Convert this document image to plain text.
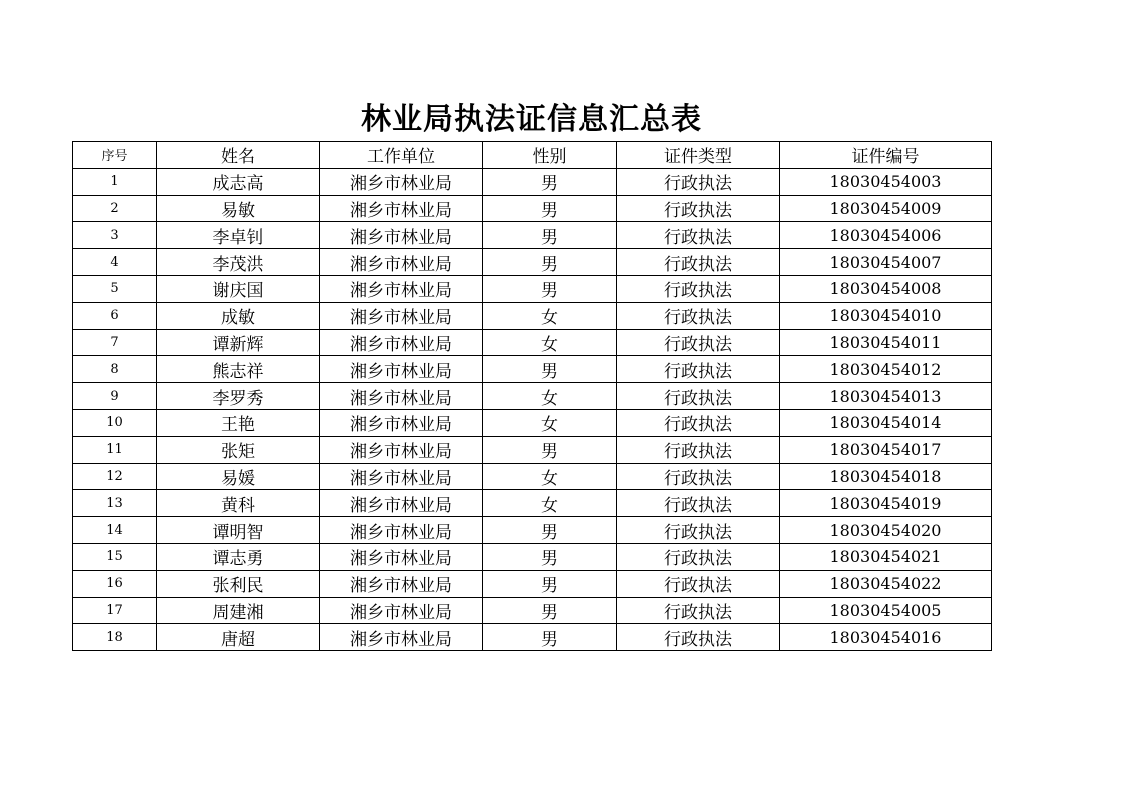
林业局执法证信息汇总表
序号	姓名	工作单位	性别	证件类型	证件编号
1	成志高	湘乡市林业局	男	行政执法	18030454003
2	易敏	湘乡市林业局	男	行政执法	18030454009
3	李卓钊	湘乡市林业局	男	行政执法	18030454006
4	李茂洪	湘乡市林业局	男	行政执法	18030454007
5	谢庆国	湘乡市林业局	男	行政执法	18030454008
6	成敏	湘乡市林业局	女	行政执法	18030454010
7	谭新辉	湘乡市林业局	女	行政执法	18030454011
8	熊志祥	湘乡市林业局	男	行政执法	18030454012
9	李罗秀	湘乡市林业局	女	行政执法	18030454013
10	王艳	湘乡市林业局	女	行政执法	18030454014
11	张矩	湘乡市林业局	男	行政执法	18030454017
12	易媛	湘乡市林业局	女	行政执法	18030454018
13	黄科	湘乡市林业局	女	行政执法	18030454019
14	谭明智	湘乡市林业局	男	行政执法	18030454020
15	谭志勇	湘乡市林业局	男	行政执法	18030454021
16	张利民	湘乡市林业局	男	行政执法	18030454022
17	周建湘	湘乡市林业局	男	行政执法	18030454005
18	唐超	湘乡市林业局	男	行政执法	18030454016
